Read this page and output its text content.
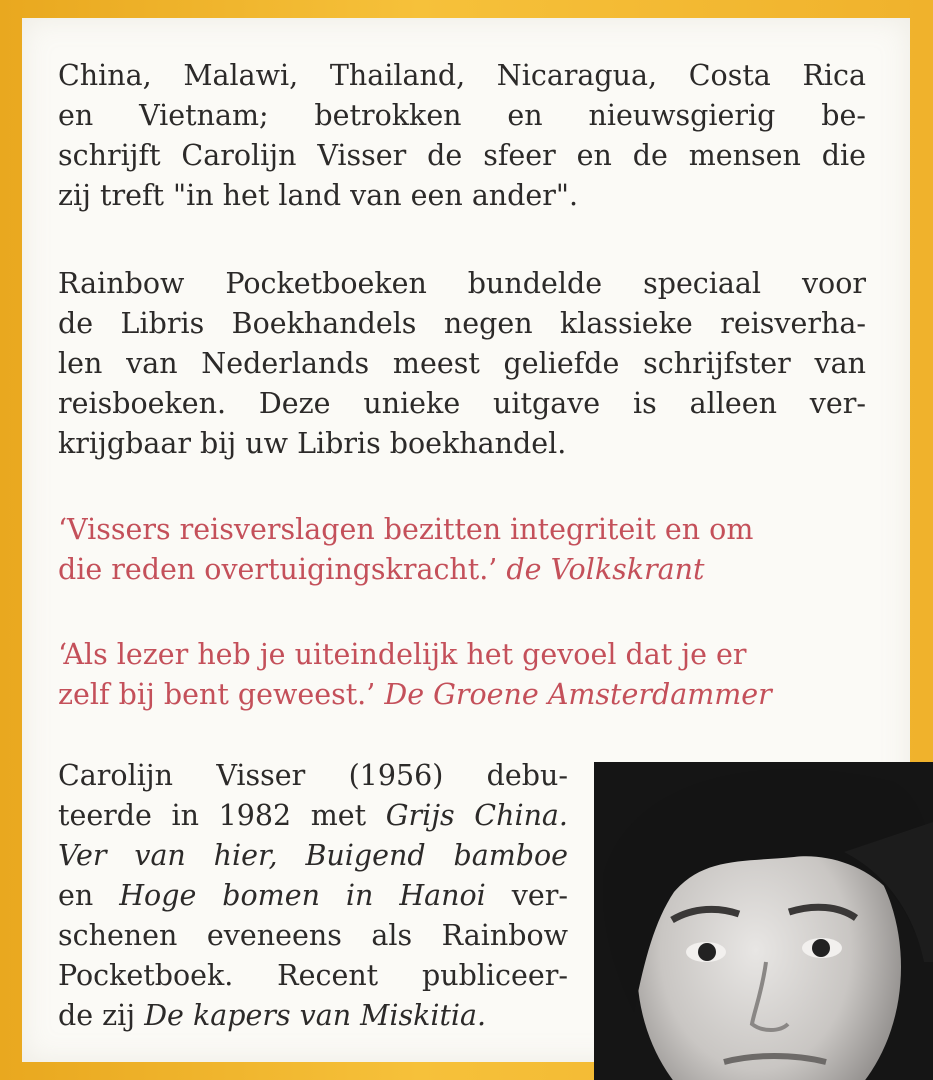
China, Malawi, Thailand, Nicaragua, Costa Rica
en Vietnam; betrokken en nieuwsgierig be-
schrijft Carolijn Visser de sfeer en de mensen die
zij treft "in het land van een ander".
Rainbow Pocketboeken bundelde speciaal voor
de Libris Boekhandels negen klassieke reisverha-
len van Nederlands meest geliefde schrijfster van
reisboeken. Deze unieke uitgave is alleen ver-
krijgbaar bij uw Libris boekhandel.
‘Vissers reisverslagen bezitten integriteit en om
die reden overtuigingskracht.’ de Volkskrant
‘Als lezer heb je uiteindelijk het gevoel dat je er
zelf bij bent geweest.’ De Groene Amsterdammer
Carolijn Visser (1956) debu-
teerde in 1982 met Grijs China.
Ver van hier, Buigend bamboe
en Hoge bomen in Hanoi ver-
schenen eveneens als Rainbow
Pocketboek. Recent publiceer-
de zij De kapers van Miskitia.
